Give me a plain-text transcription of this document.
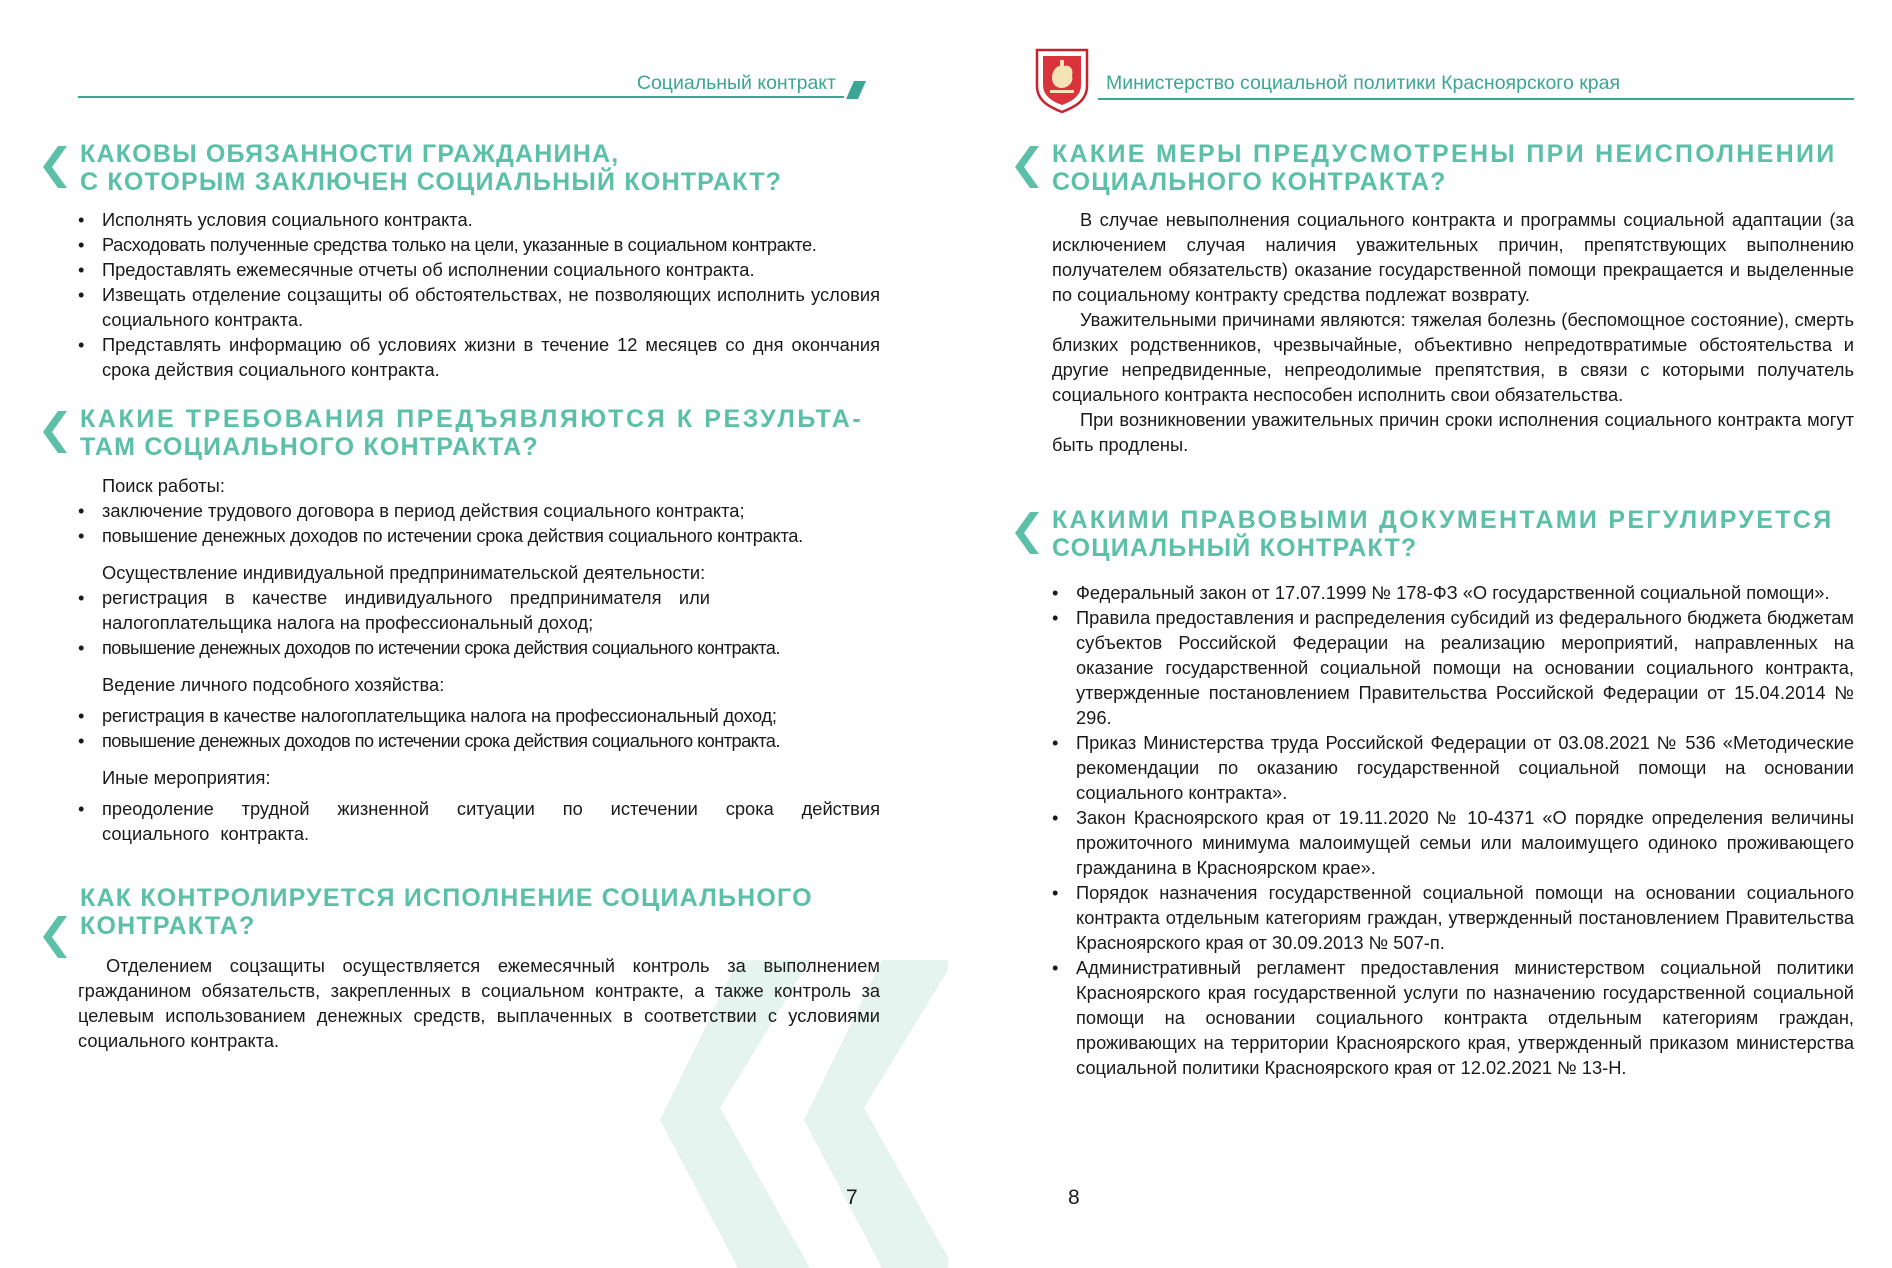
Социальный контракт
КАКОВЫ ОБЯЗАННОСТИ ГРАЖДАНИНА,
С КОТОРЫМ ЗАКЛЮЧЕН СОЦИАЛЬНЫЙ КОНТРАКТ?
• Исполнять условия социального контракта.
• Расходовать полученные средства только на цели, указанные в социальном контракте.
• Предоставлять ежемесячные отчеты об исполнении социального контракта.
• Извещать отделение соцзащиты об обстоятельствах, не позволяющих исполнить условия социального контракта.
• Представлять информацию об условиях жизни в течение 12 месяцев со дня окончания срока действия социального контракта.
КАКИЕ ТРЕБОВАНИЯ ПРЕДЪЯВЛЯЮТСЯ К РЕЗУЛЬТА-
ТАМ СОЦИАЛЬНОГО КОНТРАКТА?
Поиск работы:
• заключение трудового договора в период действия социального контракта;
• повышение денежных доходов по истечении срока действия социального контракта.
Осуществление индивидуальной предпринимательской деятельности:
• регистрация в качестве индивидуального предпринимателя или налогоплательщика налога на профессиональный доход;
• повышение денежных доходов по истечении срока действия социального контракта.
Ведение личного подсобного хозяйства:
• регистрация в качестве налогоплательщика налога на профессиональный доход;
• повышение денежных доходов по истечении срока действия социального контракта.
Иные мероприятия:
• преодоление трудной жизненной ситуации по истечении срока действия социального контракта.
КАК КОНТРОЛИРУЕТСЯ ИСПОЛНЕНИЕ СОЦИАЛЬНОГО
КОНТРАКТА?

Отделением соцзащиты осуществляется ежемесячный контроль за выполнением гражданином обязательств, закрепленных в социальном контракте, а также контроль за целевым использованием денежных средств, выплаченных в соответствии с условиями социального контракта.

7
Министерство социальной политики Красноярского края
КАКИЕ МЕРЫ ПРЕДУСМОТРЕНЫ ПРИ НЕИСПОЛНЕНИИ
СОЦИАЛЬНОГО КОНТРАКТА?

В случае невыполнения социального контракта и программы социальной адаптации (за исключением случая наличия уважительных причин, препятствующих выполнению получателем обязательств) оказание государственной помощи прекращается и выделенные по социальному контракту средства подлежат возврату.

Уважительными причинами являются: тяжелая болезнь (беспомощное состояние), смерть близких родственников, чрезвычайные, объективно непредотвратимые обстоятельства и другие непредвиденные, непреодолимые препятствия, в связи с которыми получатель социального контракта неспособен исполнить свои обязательства.

При возникновении уважительных причин сроки исполнения социального контракта могут быть продлены.

КАКИМИ ПРАВОВЫМИ ДОКУМЕНТАМИ РЕГУЛИРУЕТСЯ
СОЦИАЛЬНЫЙ КОНТРАКТ?
• Федеральный закон от 17.07.1999 № 178-ФЗ «О государственной социальной помощи».
• Правила предоставления и распределения субсидий из федерального бюджета бюджетам субъектов Российской Федерации на реализацию мероприятий, направленных на оказание государственной социальной помощи на основании социального контракта, утвержденные постановлением Правительства Российской Федерации от 15.04.2014 № 296.
• Приказ Министерства труда Российской Федерации от 03.08.2021 № 536 «Методические рекомендации по оказанию государственной социальной помощи на основании социального контракта».
• Закон Красноярского края от 19.11.2020 № 10-4371 «О порядке определения величины прожиточного минимума малоимущей семьи или малоимущего одиноко проживающего гражданина в Красноярском крае».
• Порядок назначения государственной социальной помощи на основании социального контракта отдельным категориям граждан, утвержденный постановлением Правительства Красноярского края от 30.09.2013 № 507-п.
• Административный регламент предоставления министерством социальной политики Красноярского края государственной услуги по назначению государственной социальной помощи на основании социального контракта отдельным категориям граждан, проживающих на территории Красноярского края, утвержденный приказом министерства социальной политики Красноярского края от 12.02.2021 № 13-Н.
8
